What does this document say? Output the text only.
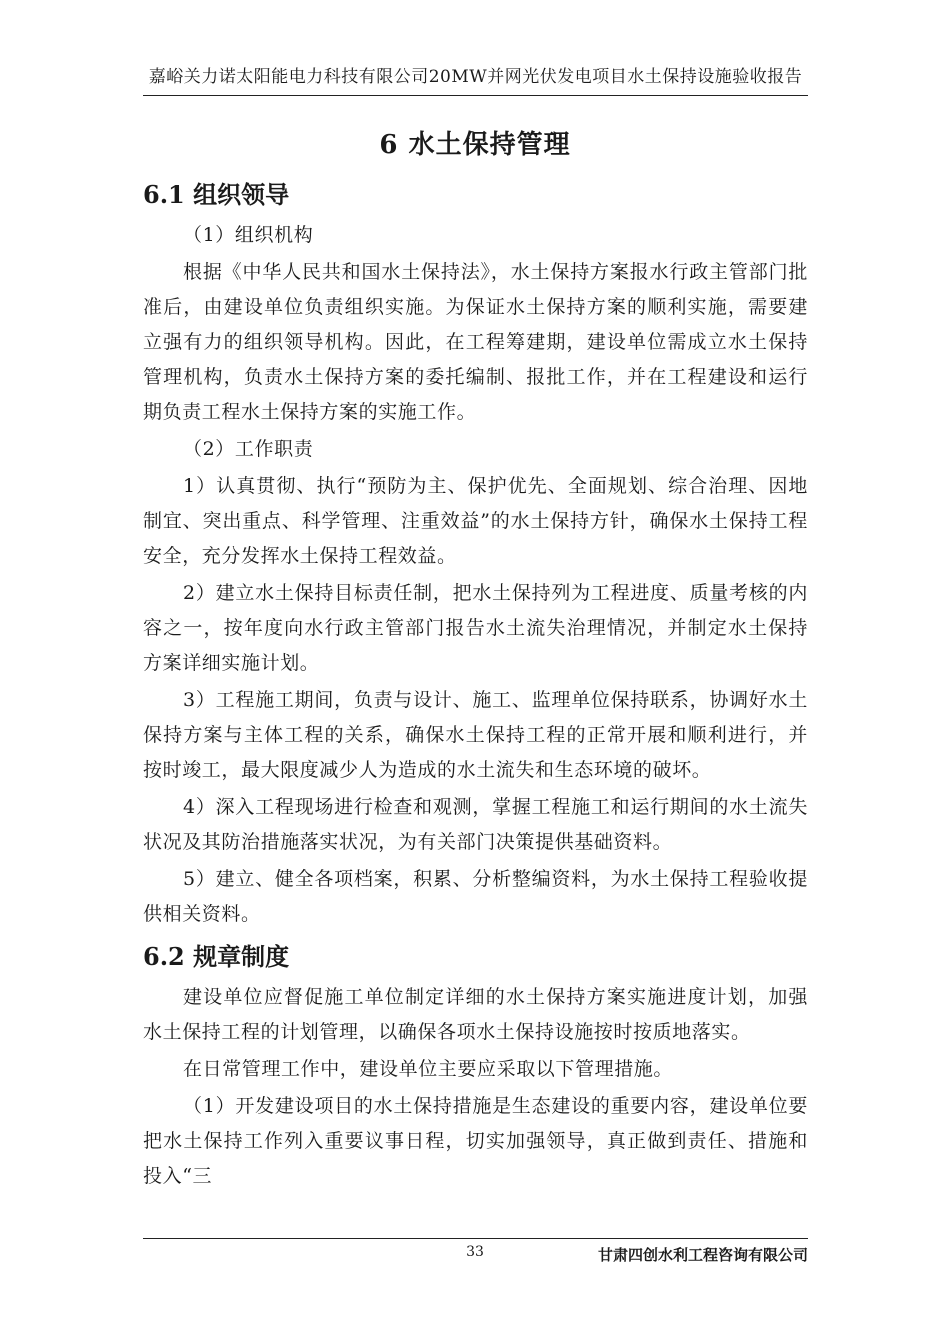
嘉峪关力诺太阳能电力科技有限公司20MW并网光伏发电项目水土保持设施验收报告
6 水土保持管理
6.1 组织领导

（1）组织机构

根据《中华人民共和国水土保持法》，水土保持方案报水行政主管部门批准后，由建设单位负责组织实施。为保证水土保持方案的顺利实施，需要建立强有力的组织领导机构。因此，在工程筹建期，建设单位需成立水土保持管理机构，负责水土保持方案的委托编制、报批工作，并在工程建设和运行期负责工程水土保持方案的实施工作。

（2）工作职责

1）认真贯彻、执行“预防为主、保护优先、全面规划、综合治理、因地制宜、突出重点、科学管理、注重效益”的水土保持方针，确保水土保持工程安全，充分发挥水土保持工程效益。

2）建立水土保持目标责任制，把水土保持列为工程进度、质量考核的内容之一，按年度向水行政主管部门报告水土流失治理情况，并制定水土保持方案详细实施计划。

3）工程施工期间，负责与设计、施工、监理单位保持联系，协调好水土保持方案与主体工程的关系，确保水土保持工程的正常开展和顺利进行，并按时竣工，最大限度减少人为造成的水土流失和生态环境的破坏。

4）深入工程现场进行检查和观测，掌握工程施工和运行期间的水土流失状况及其防治措施落实状况，为有关部门决策提供基础资料。

5）建立、健全各项档案，积累、分析整编资料，为水土保持工程验收提供相关资料。

6.2 规章制度

建设单位应督促施工单位制定详细的水土保持方案实施进度计划，加强水土保持工程的计划管理，以确保各项水土保持设施按时按质地落实。

在日常管理工作中，建设单位主要应采取以下管理措施。

（1）开发建设项目的水土保持措施是生态建设的重要内容，建设单位要把水土保持工作列入重要议事日程，切实加强领导，真正做到责任、措施和投入“三

33	甘肃四创水利工程咨询有限公司
